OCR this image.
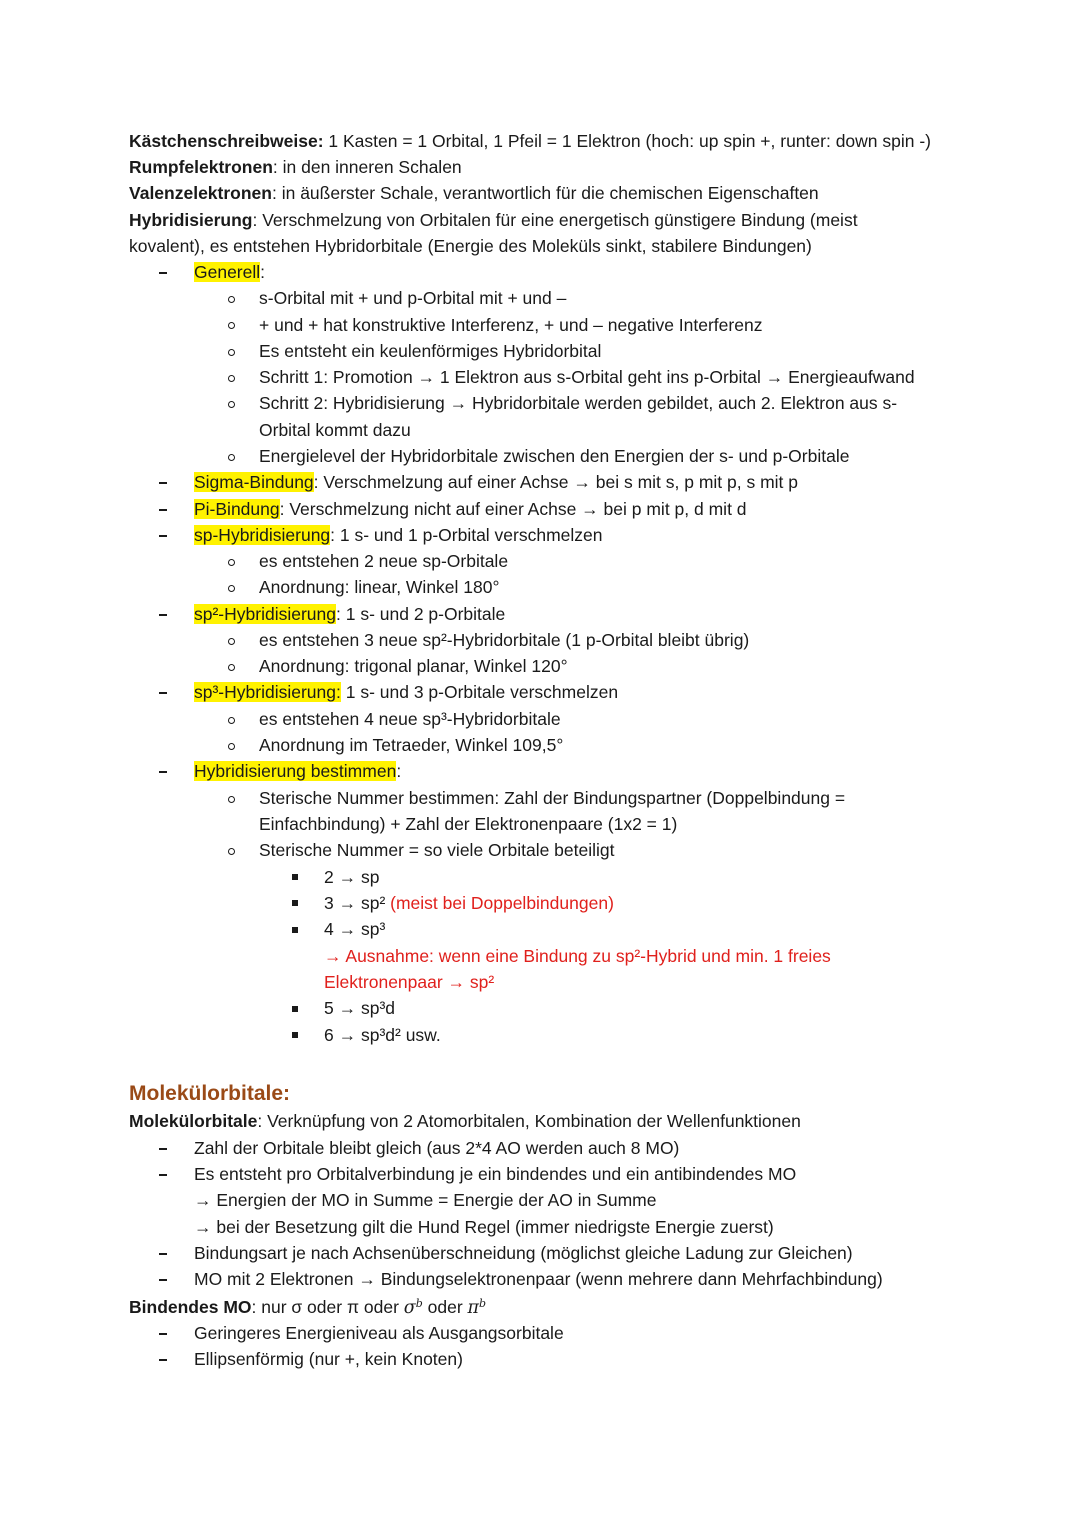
Kästchenschreibweise: 1 Kasten = 1 Orbital, 1 Pfeil = 1 Elektron (hoch: up spin +, runter: down spin -)
Rumpfelektronen: in den inneren Schalen
Valenzelektronen: in äußerster Schale, verantwortlich für die chemischen Eigenschaften
Hybridisierung: Verschmelzung von Orbitalen für eine energetisch günstigere Bindung (meist
kovalent), es entstehen Hybridorbitale (Energie des Moleküls sinkt, stabilere Bindungen)
Generell:
s-Orbital mit + und p-Orbital mit + und –
+ und + hat konstruktive Interferenz, + und – negative Interferenz
Es entsteht ein keulenförmiges Hybridorbital
Schritt 1: Promotion → 1 Elektron aus s-Orbital geht ins p-Orbital → Energieaufwand
Schritt 2: Hybridisierung → Hybridorbitale werden gebildet, auch 2. Elektron aus s-
Orbital kommt dazu
Energielevel der Hybridorbitale zwischen den Energien der s- und p-Orbitale
Sigma-Bindung: Verschmelzung auf einer Achse → bei s mit s, p mit p, s mit p
Pi-Bindung: Verschmelzung nicht auf einer Achse → bei p mit p, d mit d
sp-Hybridisierung: 1 s- und 1 p-Orbital verschmelzen
es entstehen 2 neue sp-Orbitale
Anordnung: linear, Winkel 180°
sp²-Hybridisierung: 1 s- und 2 p-Orbitale
es entstehen 3 neue sp²-Hybridorbitale (1 p-Orbital bleibt übrig)
Anordnung: trigonal planar, Winkel 120°
sp³-Hybridisierung: 1 s- und 3 p-Orbitale verschmelzen
es entstehen 4 neue sp³-Hybridorbitale
Anordnung im Tetraeder, Winkel 109,5°
Hybridisierung bestimmen:
Sterische Nummer bestimmen: Zahl der Bindungspartner (Doppelbindung =
Einfachbindung) + Zahl der Elektronenpaare (1x2 = 1)
Sterische Nummer = so viele Orbitale beteiligt
2 → sp
3 → sp² (meist bei Doppelbindungen)
4 → sp³
→ Ausnahme: wenn eine Bindung zu sp²-Hybrid und min. 1 freies
Elektronenpaar → sp²
5 → sp³d
6 → sp³d² usw.
Molekülorbitale:
Molekülorbitale: Verknüpfung von 2 Atomorbitalen, Kombination der Wellenfunktionen
Zahl der Orbitale bleibt gleich (aus 2*4 AO werden auch 8 MO)
Es entsteht pro Orbitalverbindung je ein bindendes und ein antibindendes MO
→ Energien der MO in Summe = Energie der AO in Summe
→ bei der Besetzung gilt die Hund Regel (immer niedrigste Energie zuerst)
Bindungsart je nach Achsenüberschneidung (möglichst gleiche Ladung zur Gleichen)
MO mit 2 Elektronen → Bindungselektronenpaar (wenn mehrere dann Mehrfachbindung)
Bindendes MO: nur σ oder π oder $\sigma^b$ oder $\pi^b$
Geringeres Energieniveau als Ausgangsorbitale
Ellipsenförmig (nur +, kein Knoten)
